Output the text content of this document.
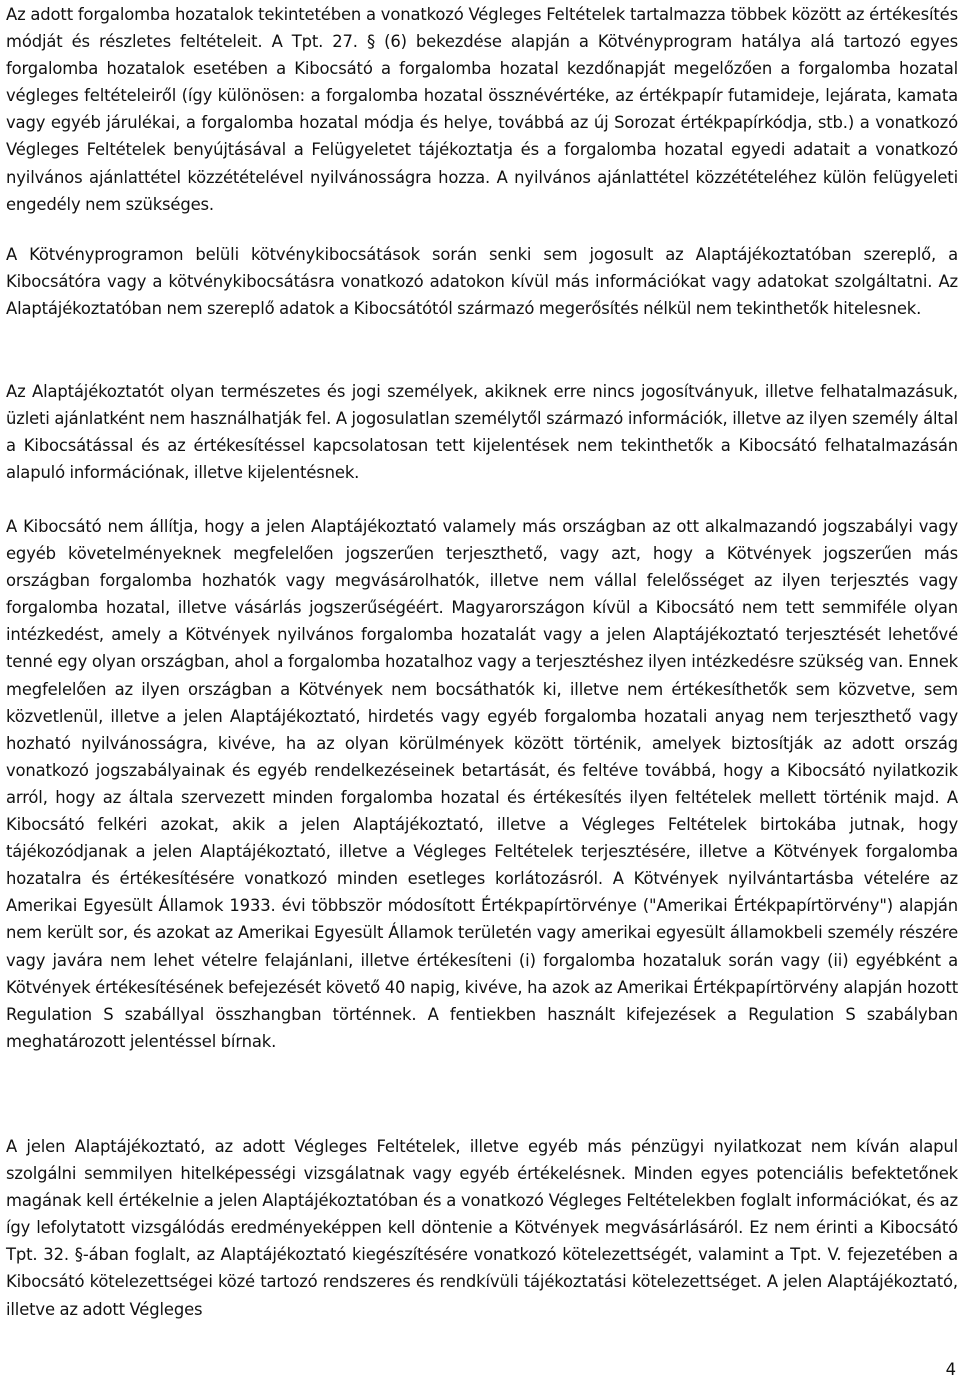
Az adott forgalomba hozatalok tekintetében a vonatkozó Végleges Feltételek tartalmazza többek között az értékesítés módját és részletes feltételeit. A Tpt. 27. § (6) bekezdése alapján a Kötvényprogram hatálya alá tartozó egyes forgalomba hozatalok esetében a Kibocsátó a forgalomba hozatal kezdőnapját megelőzően a forgalomba hozatal végleges feltételeiről (így különösen: a forgalomba hozatal össznévértéke, az értékpapír futamideje, lejárata, kamata vagy egyéb járulékai, a forgalomba hozatal módja és helye, továbbá az új Sorozat értékpapírkódja, stb.) a vonatkozó Végleges Feltételek benyújtásával a Felügyeletet tájékoztatja és a forgalomba hozatal egyedi adatait a vonatkozó nyilvános ajánlattétel közzétételével nyilvánosságra hozza. A nyilvános ajánlattétel közzétételéhez külön felügyeleti engedély nem szükséges.

A Kötvényprogramon belüli kötvénykibocsátások során senki sem jogosult az Alaptájékoztatóban szereplő, a Kibocsátóra vagy a kötvénykibocsátásra vonatkozó adatokon kívül más információkat vagy adatokat szolgáltatni. Az Alaptájékoztatóban nem szereplő adatok a Kibocsátótól származó megerősítés nélkül nem tekinthetők hitelesnek.

Az Alaptájékoztatót olyan természetes és jogi személyek, akiknek erre nincs jogosítványuk, illetve felhatalmazásuk, üzleti ajánlatként nem használhatják fel. A jogosulatlan személytől származó információk, illetve az ilyen személy által a Kibocsátással és az értékesítéssel kapcsolatosan tett kijelentések nem tekinthetők a Kibocsátó felhatalmazásán alapuló információnak, illetve kijelentésnek.

A Kibocsátó nem állítja, hogy a jelen Alaptájékoztató valamely más országban az ott alkalmazandó jogszabályi vagy egyéb követelményeknek megfelelően jogszerűen terjeszthető, vagy azt, hogy a Kötvények jogszerűen más országban forgalomba hozhatók vagy megvásárolhatók, illetve nem vállal felelősséget az ilyen terjesztés vagy forgalomba hozatal, illetve vásárlás jogszerűségéért. Magyarországon kívül a Kibocsátó nem tett semmiféle olyan intézkedést, amely a Kötvények nyilvános forgalomba hozatalát vagy a jelen Alaptájékoztató terjesztését lehetővé tenné egy olyan országban, ahol a forgalomba hozatalhoz vagy a terjesztéshez ilyen intézkedésre szükség van. Ennek megfelelően az ilyen országban a Kötvények nem bocsáthatók ki, illetve nem értékesíthetők sem közvetve, sem közvetlenül, illetve a jelen Alaptájékoztató, hirdetés vagy egyéb forgalomba hozatali anyag nem terjeszthető vagy hozható nyilvánosságra, kivéve, ha az olyan körülmények között történik, amelyek biztosítják az adott ország vonatkozó jogszabályainak és egyéb rendelkezéseinek betartását, és feltéve továbbá, hogy a Kibocsátó nyilatkozik arról, hogy az általa szervezett minden forgalomba hozatal és értékesítés ilyen feltételek mellett történik majd. A Kibocsátó felkéri azokat, akik a jelen Alaptájékoztató, illetve a Végleges Feltételek birtokába jutnak, hogy tájékozódjanak a jelen Alaptájékoztató, illetve a Végleges Feltételek terjesztésére, illetve a Kötvények forgalomba hozatalra és értékesítésére vonatkozó minden esetleges korlátozásról. A Kötvények nyilvántartásba vételére az Amerikai Egyesült Államok 1933. évi többször módosított Értékpapírtörvénye ("Amerikai Értékpapírtörvény") alapján nem került sor, és azokat az Amerikai Egyesült Államok területén vagy amerikai egyesült államokbeli személy részére vagy javára nem lehet vételre felajánlani, illetve értékesíteni (i) forgalomba hozataluk során vagy (ii) egyébként a Kötvények értékesítésének befejezését követő 40 napig, kivéve, ha azok az Amerikai Értékpapírtörvény alapján hozott Regulation S szabállyal összhangban történnek. A fentiekben használt kifejezések a Regulation S szabályban meghatározott jelentéssel bírnak.

A jelen Alaptájékoztató, az adott Végleges Feltételek, illetve egyéb más pénzügyi nyilatkozat nem kíván alapul szolgálni semmilyen hitelképességi vizsgálatnak vagy egyéb értékelésnek. Minden egyes potenciális befektetőnek magának kell értékelnie a jelen Alaptájékoztatóban és a vonatkozó Végleges Feltételekben foglalt információkat, és az így lefolytatott vizsgálódás eredményeképpen kell döntenie a Kötvények megvásárlásáról. Ez nem érinti a Kibocsátó Tpt. 32. §-ában foglalt, az Alaptájékoztató kiegészítésére vonatkozó kötelezettségét, valamint a Tpt. V. fejezetében a Kibocsátó kötelezettségei közé tartozó rendszeres és rendkívüli tájékoztatási kötelezettséget. A jelen Alaptájékoztató, illetve az adott Végleges

4
